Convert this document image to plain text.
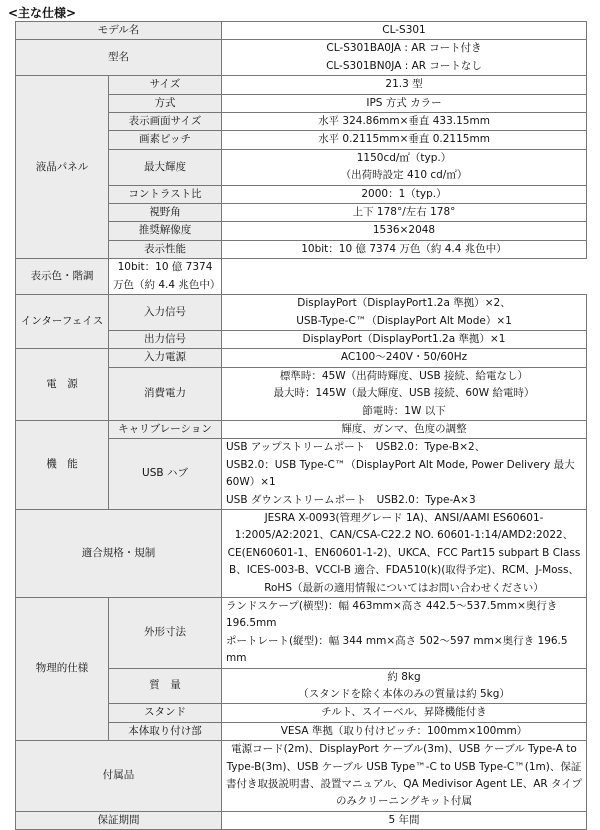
<主な仕様>
モデル名		CL-S301
型名		CL-S301BA0JA : AR コート付き
CL-S301BN0JA : AR コートなし

液晶パネル	サイズ	21.3 型
	方式	IPS 方式 カラー
	表示画面サイズ	水平 324.86mm×垂直 433.15mm
	画素ピッチ	水平 0.2115mm×垂直 0.2115mm
	最大輝度	1150cd/㎡（typ.）
（出荷時設定 410 cd/㎡）

	コントラスト比	2000：1（typ.）
	視野角	上下 178°/左右 178°
	推奨解像度	1536×2048
	表示性能	10bit：10 億 7374 万色（約 4.4 兆色中）
表示色・階調	10bit：10 億 7374 万色（約 4.4 兆色中）	
インターフェイス	入力信号	DisplayPort（DisplayPort1.2a 準拠）×2、
USB-Type-C™（DisplayPort Alt Mode）×1

	出力信号	DisplayPort（DisplayPort1.2a 準拠）×1
電　源	入力電源	AC100～240V・50/60Hz
	消費電力	標準時：45W（出荷時輝度、USB 接続、給電なし）
最大時：145W（最大輝度、USB 接続、60W 給電時）
節電時：1W 以下

機　能	キャリブレーション	輝度、ガンマ、色度の調整
	USB ハブ	USB アップストリームポート　USB2.0：Type-B×2、
USB2.0：USB Type-C™（DisplayPort Alt Mode, Power Delivery 最大 60W）×1
USB ダウンストリームポート　USB2.0：Type-A×3

適合規格・規制		JESRA X-0093(管理グレード 1A)、ANSI/AAMI ES60601-1:2005/A2:2021、CAN/CSA-C22.2 NO. 60601-1:14/AMD2:2022、CE(EN60601-1、EN60601-1-2)、UKCA、FCC Part15 subpart B Class B、ICES-003-B、VCCI-B 適合、FDA510(k)(取得予定)、RCM、J-Moss、RoHS（最新の適用情報についてはお問い合わせください）
物理的仕様	外形寸法	ランドスケープ(横型)：幅 463mm×高さ 442.5～537.5mm×奥行き 196.5mm
ポートレート(縦型)：幅 344 mm×高さ 502～597 mm×奥行き 196.5 mm

	質　量	約 8kg
（スタンドを除く本体のみの質量は約 5kg）

	スタンド	チルト、スイーベル、昇降機能付き
	本体取り付け部	VESA 準拠（取り付けピッチ：100mm×100mm）
付属品		電源コード(2m)、DisplayPort ケーブル(3m)、USB ケーブル Type-A to Type-B(3m)、USB ケーブル USB Type™-C to USB Type-C™(1m)、保証書付き取扱説明書、設置マニュアル、QA Medivisor Agent LE、AR タイプのみクリーニングキット付属
保証期間		5 年間
